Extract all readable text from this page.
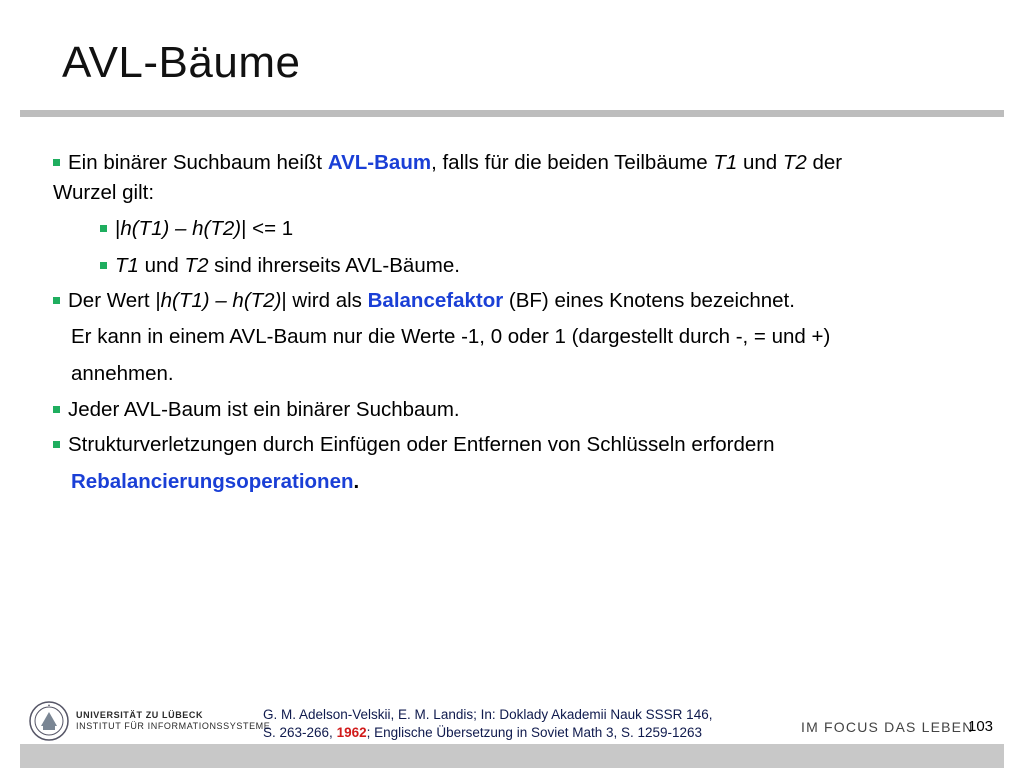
AVL-Bäume
Ein binärer Suchbaum heißt AVL-Baum, falls für die beiden Teilbäume T1 und T2 der
Wurzel gilt:
|h(T1) – h(T2)| <= 1
T1 und T2 sind ihrerseits AVL-Bäume.
Der Wert |h(T1) – h(T2)| wird als Balancefaktor (BF) eines Knotens bezeichnet.
Er kann in einem AVL-Baum nur die Werte -1, 0 oder 1 (dargestellt durch -, = und +)
annehmen.
Jeder AVL-Baum ist ein binärer Suchbaum.
Strukturverletzungen durch Einfügen oder Entfernen von Schlüsseln erfordern
Rebalancierungsoperationen.
UNIVERSITÄT ZU LÜBECK
INSTITUT FÜR INFORMATIONSSYSTEME
G. M. Adelson-Velskii, E. M. Landis; In: Doklady Akademii Nauk SSSR 146,
S. 263-266, 1962; Englische Übersetzung in Soviet Math 3, S. 1259-1263	IM FOCUS DAS LEBEN
103
